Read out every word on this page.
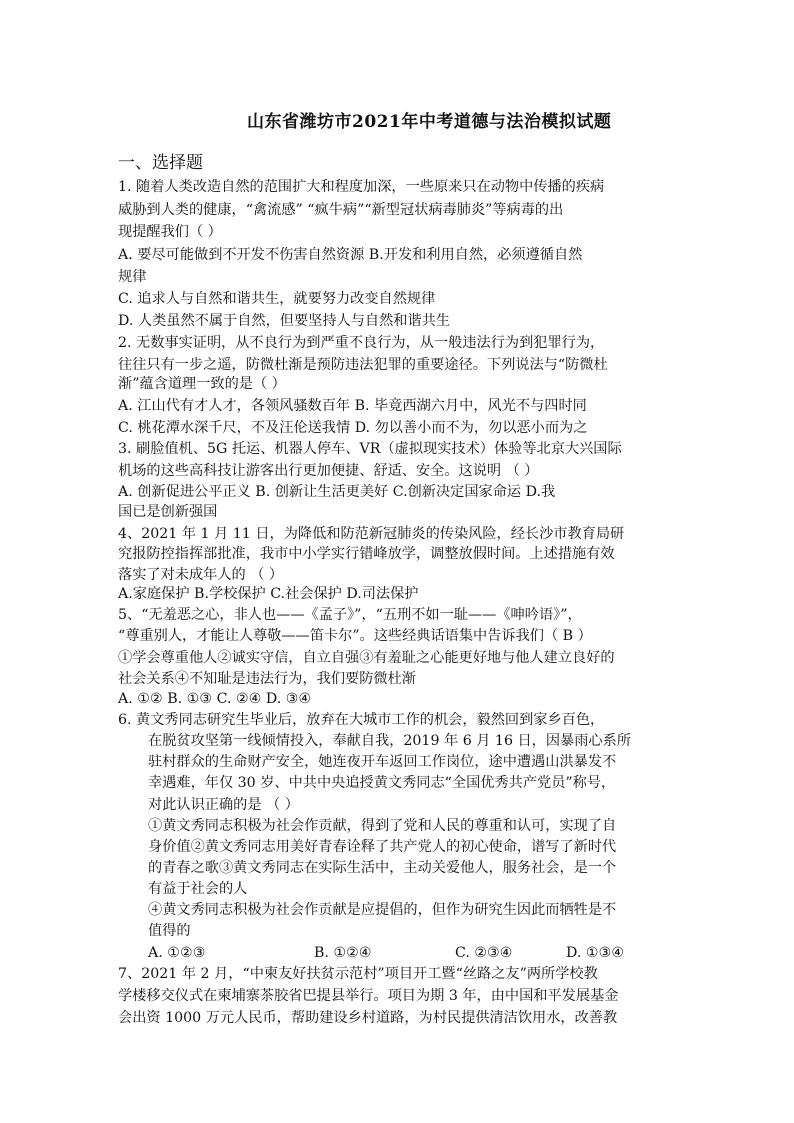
山东省潍坊市2021年中考道德与法治模拟试题
一、选择题
1. 随着人类改造自然的范围扩大和程度加深，一些原来只在动物中传播的疾病
威胁到人类的健康，“禽流感” “疯牛病”“新型冠状病毒肺炎”等病毒的出
现提醒我们（ ）
A. 要尽可能做到不开发不伤害自然资源 B.开发和利用自然，必须遵循自然
规律
C. 追求人与自然和谐共生，就要努力改变自然规律
D. 人类虽然不属于自然，但要坚持人与自然和谐共生
2. 无数事实证明，从不良行为到严重不良行为，从一般违法行为到犯罪行为，
往往只有一步之遥，防微杜渐是预防违法犯罪的重要途径。下列说法与“防微杜
渐”蕴含道理一致的是（ ）
A. 江山代有才人才，各领风骚数百年 B. 毕竟西湖六月中，风光不与四时同
C. 桃花潭水深千尺，不及汪伦送我情 D. 勿以善小而不为，勿以恶小而为之
3. 刷脸值机、5G 托运、机器人停车、VR（虚拟现实技术）体验等北京大兴国际
机场的这些高科技让游客出行更加便捷、舒适、安全。这说明 （ ）
A. 创新促进公平正义 B. 创新让生活更美好 C.创新决定国家命运 D.我
国已是创新强国
4、2021 年 1 月 11 日，为降低和防范新冠肺炎的传染风险，经长沙市教育局研
究报防控指挥部批准，我市中小学实行错峰放学，调整放假时间。上述措施有效
落实了对未成年人的 （ ）
A.家庭保护 B.学校保护 C.社会保护 D.司法保护
5、“无羞恶之心，非人也——《孟子》”，“五刑不如一耻——《呻吟语》”，
“尊重别人，才能让人尊敬——笛卡尔”。这些经典话语集中告诉我们（ B ）
①学会尊重他人②诚实守信，自立自强③有羞耻之心能更好地与他人建立良好的
社会关系④不知耻是违法行为，我们要防微杜渐
A. ①② B. ①③ C. ②④ D. ③④
6. 黄文秀同志研究生毕业后，放弃在大城市工作的机会，毅然回到家乡百色，
在脱贫攻坚第一线倾情投入，奉献自我，2019 年 6 月 16 日，因暴雨心系所
驻村群众的生命财产安全，她连夜开车返回工作岗位，途中遭遇山洪暴发不
幸遇难，年仅 30 岁、中共中央追授黄文秀同志“全国优秀共产党员”称号，
对此认识正确的是 （ ）
①黄文秀同志积极为社会作贡献，得到了党和人民的尊重和认可，实现了自
身价值②黄文秀同志用美好青春诠释了共产党人的初心使命，谱写了新时代
的青春之歌③黄文秀同志在实际生活中，主动关爱他人，服务社会，是一个
有益于社会的人
④黄文秀同志积极为社会作贡献是应提倡的，但作为研究生因此而牺牲是不
值得的
A. ①②③	B. ①②④	C. ②③④	D. ①③④
7、2021 年 2 月，“中柬友好扶贫示范村”项目开工暨“丝路之友”两所学校教
学楼移交仪式在柬埔寨茶胶省巴提县举行。项目为期 3 年，由中国和平发展基金
会出资 1000 万元人民币，帮助建设乡村道路，为村民提供清洁饮用水，改善教
